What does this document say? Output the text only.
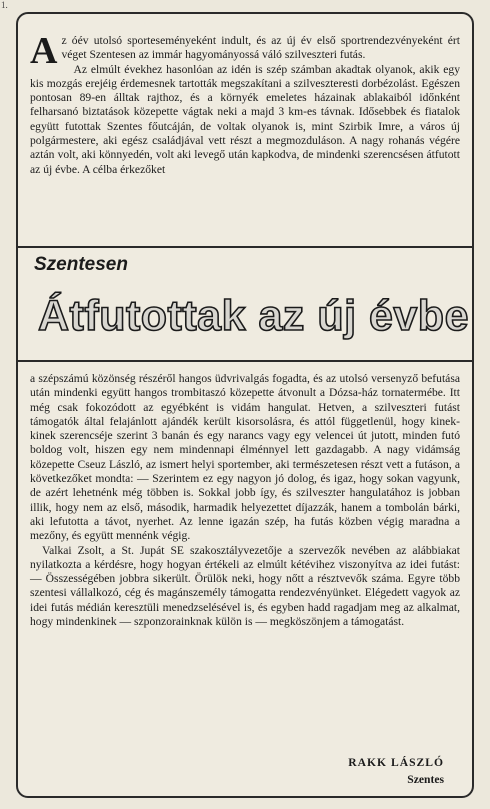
1.

Az óév utolsó sporteseményeként indult, és az új év első sportrendezvényeként ért véget Szentesen az immár hagyományossá váló szilveszteri futás.

Az elmúlt évekhez hasonlóan az idén is szép számban akadtak olyanok, akik egy kis mozgás erejéig érdemesnek tartották megszakítani a szilveszteresti dorbézolást. Egészen pontosan 89-en álltak rajthoz, és a környék emeletes házainak ablakaiból időnként felharsanó biztatások közepette vágtak neki a majd 3 km-es távnak. Idősebbek és fiatalok együtt futottak Szentes főutcáján, de voltak olyanok is, mint Szirbik Imre, a város új polgármestere, aki egész családjával vett részt a megmozduláson. A nagy rohanás végére aztán volt, aki könnyedén, volt aki levegő után kapkodva, de mindenki szerencsésen átfutott az új évbe. A célba érkezőket

Szentesen
Átfutottak az új évbe

a szépszámú közönség részéről hangos üdvrivalgás fogadta, és az utolsó versenyző befutása után mindenki együtt hangos trombitaszó közepette átvonult a Dózsa-ház tornatermébe. Itt még csak fokozódott az egyébként is vidám hangulat. Hetven, a szilveszteri futást támogatók által felajánlott ajándék került kisorsolásra, és attól függetlenül, hogy kinek-kinek szerencséje szerint 3 banán és egy narancs vagy egy velencei út jutott, minden futó boldog volt, hiszen egy nem mindennapi élménnyel lett gazdagabb. A nagy vidámság közepette Cseuz László, az ismert helyi sportember, aki természetesen részt vett a futáson, a következőket mondta: — Szerintem ez egy nagyon jó dolog, és igaz, hogy sokan vagyunk, de azért lehetnénk még többen is. Sokkal jobb így, és szilveszter hangulatához is jobban illik, hogy nem az első, második, harmadik helyezettet díjazzák, hanem a tombolán bárki, aki lefutotta a távot, nyerhet. Az lenne igazán szép, ha futás közben végig maradna a mezőny, és együtt mennénk végig.

Valkai Zsolt, a St. Jupát SE szakosztályvezetője a szervezők nevében az alábbiakat nyilatkozta a kérdésre, hogy hogyan értékeli az elmúlt kétévihez viszonyítva az idei futást: — Összességében jobbra sikerült. Örülök neki, hogy nőtt a résztvevők száma. Egyre több szentesi vállalkozó, cég és magánszemély támogatta rendezvényünket. Elégedett vagyok az idei futás médián keresztüli menedzselésével is, és egyben hadd ragadjam meg az alkalmat, hogy mindenkinek — szponzorainknak külön is — megköszönjem a támogatást.

RAKK LÁSZLÓ
Szentes
